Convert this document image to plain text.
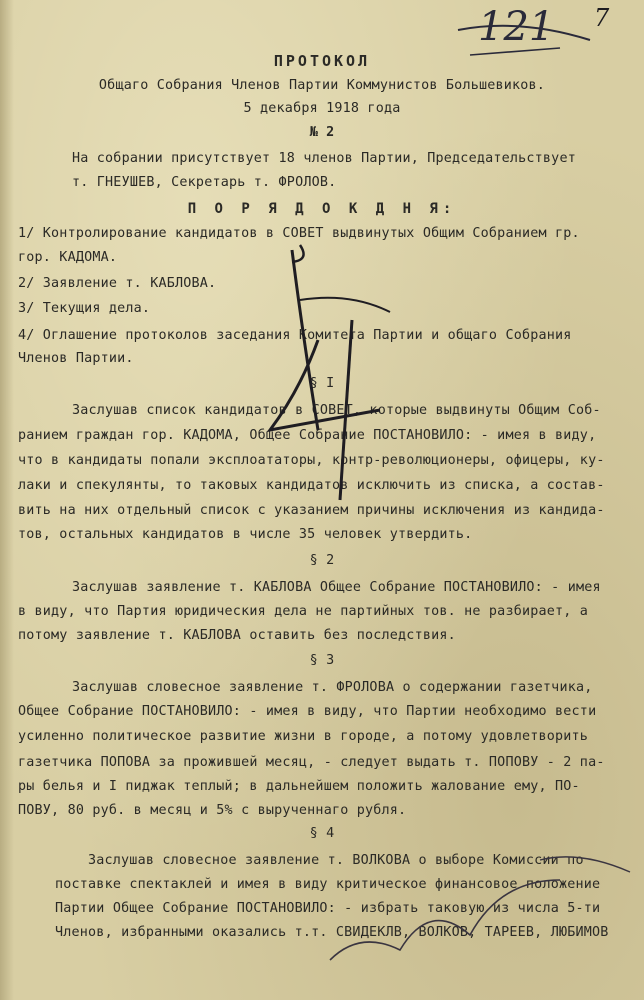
121 7
ПРОТОКОЛ
Общаго Собрания Членов Партии Коммунистов Большевиков.
5 декабря 1918 года
№ 2
На собрании присутствует 18 членов Партии, Председательствует
т. ГНЕУШЕВ, Секретарь т. ФРОЛОВ.
П О Р Я Д О К Д Н Я:
1/ Контролирование кандидатов в СОВЕТ выдвинутых Общим Собранием гр.
гор. КАДОМА.
2/ Заявление т. КАБЛОВА.
3/ Текущия дела.
4/ Оглашение протоколов заседания Комитета Партии и общаго Собрания
Членов Партии.
§ I
Заслушав список кандидатов в СОВЕТ, которые выдвинуты Общим Соб-
ранием граждан гор. КАДОМА, Общее Собрание ПОСТАНОВИЛО: - имея в виду,
что в кандидаты попали эксплоататоры, контр-революционеры, офицеры, ку-
лаки и спекулянты, то таковых кандидатов исключить из списка, а состав-
вить на них отдельный список с указанием причины исключения из кандида-
тов, остальных кандидатов в числе 35 человек утвердить.
§ 2
Заслушав заявление т. КАБЛОВА Общее Собрание ПОСТАНОВИЛО: - имея
в виду, что Партия юридическия дела не партийных тов. не разбирает, а
потому заявление т. КАБЛОВА оставить без последствия.
§ 3
Заслушав словесное заявление т. ФРОЛОВА о содержании газетчика,
Общее Собрание ПОСТАНОВИЛО: - имея в виду, что Партии необходимо вести
усиленно политическое развитие жизни в городе, а потому удовлетворить
газетчика ПОПОВА за прожившей месяц, - следует выдать т. ПОПОВУ - 2 па-
ры белья и I пиджак теплый; в дальнейшем положить жалование ему, ПО-
ПОВУ, 80 руб. в месяц и 5% с вырученнаго рубля.
§ 4
Заслушав словесное заявление т. ВОЛКОВА о выборе Комиссии по
поставке спектаклей и имея в виду критическое финансовое положение
Партии Общее Собрание ПОСТАНОВИЛО: - избрать таковую из числа 5-ти
Членов, избранными оказались т.т. СВИДЕКЛВ, ВОЛКОВ, ТАРЕЕВ, ЛЮБИМОВ
